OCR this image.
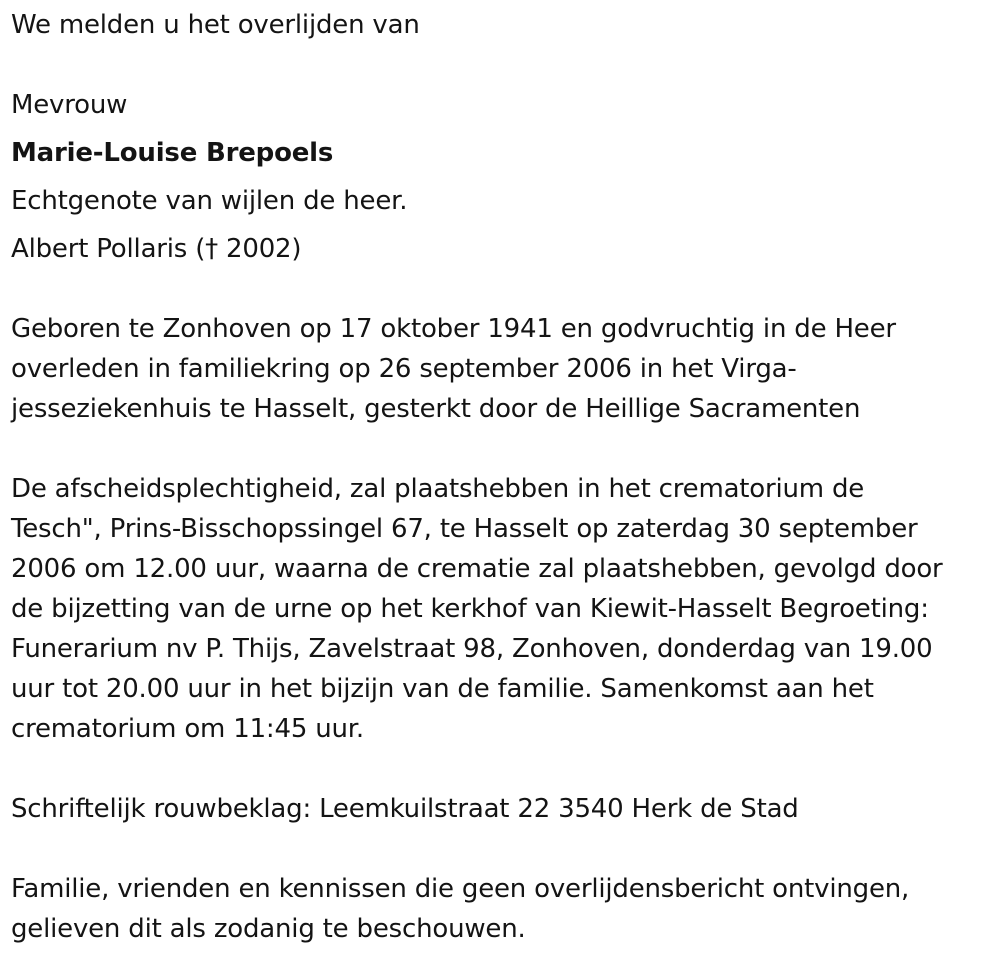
We melden u het overlijden van
Mevrouw
Marie-Louise Brepoels
Echtgenote van wijlen de heer.
Albert Pollaris († 2002)
Geboren te Zonhoven op 17 oktober 1941 en godvruchtig in de Heer
overleden in familiekring op 26 september 2006 in het Virga-
jesseziekenhuis te Hasselt, gesterkt door de Heillige Sacramenten
De afscheidsplechtigheid, zal plaatshebben in het crematorium de
Tesch", Prins-Bisschopssingel 67, te Hasselt op zaterdag 30 september
2006 om 12.00 uur, waarna de crematie zal plaatshebben, gevolgd door
de bijzetting van de urne op het kerkhof van Kiewit-Hasselt Begroeting:
Funerarium nv P. Thijs, Zavelstraat 98, Zonhoven, donderdag van 19.00
uur tot 20.00 uur in het bijzijn van de familie. Samenkomst aan het
crematorium om 11:45 uur.
Schriftelijk rouwbeklag: Leemkuilstraat 22 3540 Herk de Stad
Familie, vrienden en kennissen die geen overlijdensbericht ontvingen,
gelieven dit als zodanig te beschouwen.
